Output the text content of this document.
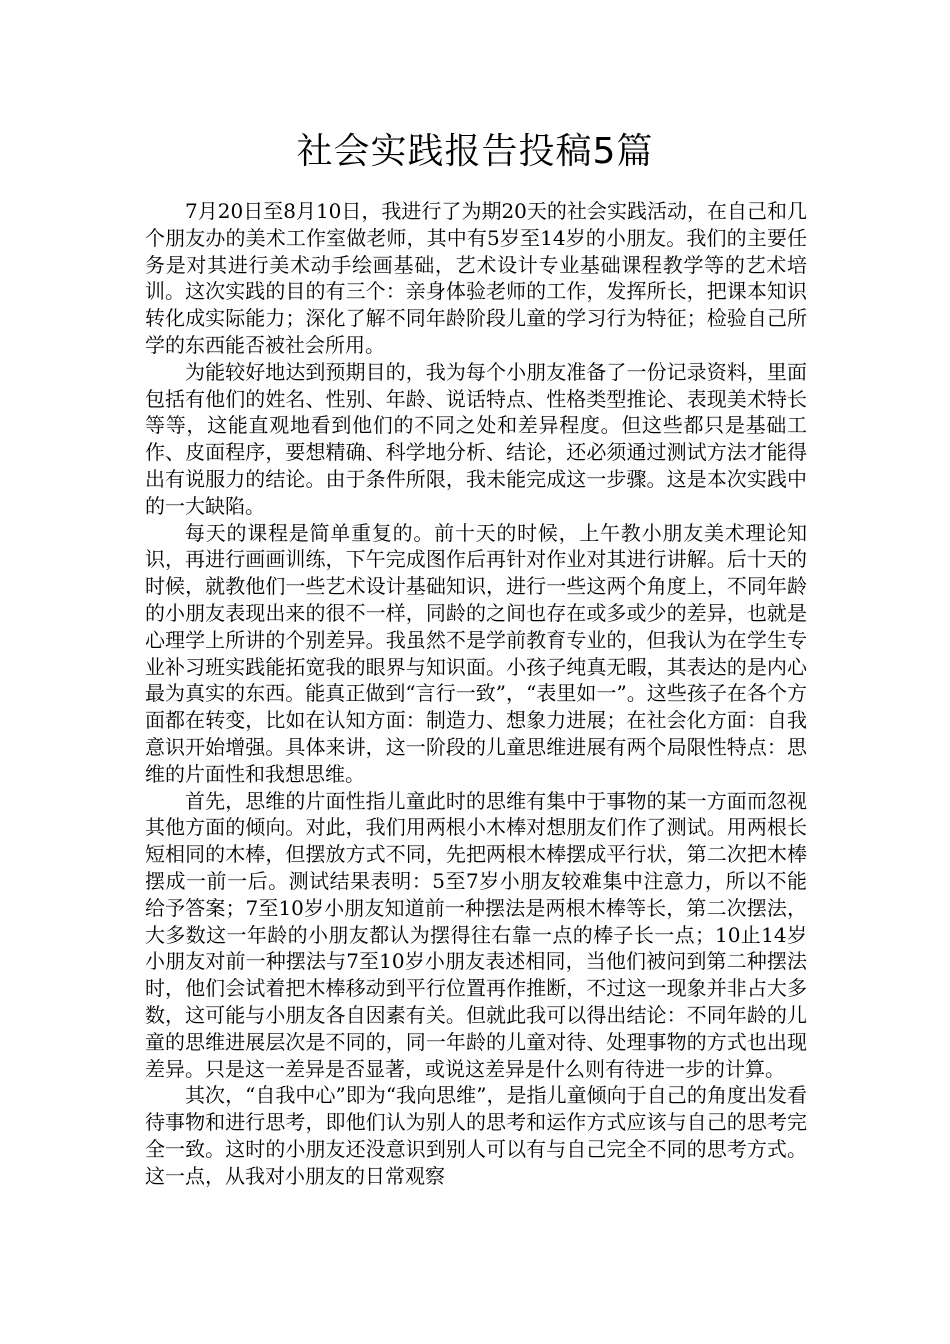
社会实践报告投稿5篇

7月20日至8月10日，我进行了为期20天的社会实践活动，在自己和几个朋友办的美术工作室做老师，其中有5岁至14岁的小朋友。我们的主要任务是对其进行美术动手绘画基础，艺术设计专业基础课程教学等的艺术培训。这次实践的目的有三个：亲身体验老师的工作，发挥所长，把课本知识转化成实际能力；深化了解不同年龄阶段儿童的学习行为特征；检验自己所学的东西能否被社会所用。

为能较好地达到预期目的，我为每个小朋友准备了一份记录资料，里面包括有他们的姓名、性别、年龄、说话特点、性格类型推论、表现美术特长等等，这能直观地看到他们的不同之处和差异程度。但这些都只是基础工作、皮面程序，要想精确、科学地分析、结论，还必须通过测试方法才能得出有说服力的结论。由于条件所限，我未能完成这一步骤。这是本次实践中的一大缺陷。

每天的课程是简单重复的。前十天的时候，上午教小朋友美术理论知识，再进行画画训练，下午完成图作后再针对作业对其进行讲解。后十天的时候，就教他们一些艺术设计基础知识，进行一些这两个角度上，不同年龄的小朋友表现出来的很不一样，同龄的之间也存在或多或少的差异，也就是心理学上所讲的个别差异。我虽然不是学前教育专业的，但我认为在学生专业补习班实践能拓宽我的眼界与知识面。小孩子纯真无暇，其表达的是内心最为真实的东西。能真正做到“言行一致”，“表里如一”。这些孩子在各个方面都在转变，比如在认知方面：制造力、想象力进展；在社会化方面：自我意识开始增强。具体来讲，这一阶段的儿童思维进展有两个局限性特点：思维的片面性和我想思维。

首先，思维的片面性指儿童此时的思维有集中于事物的某一方面而忽视其他方面的倾向。对此，我们用两根小木棒对想朋友们作了测试。用两根长短相同的木棒，但摆放方式不同，先把两根木棒摆成平行状，第二次把木棒摆成一前一后。测试结果表明：5至7岁小朋友较难集中注意力，所以不能给予答案；7至10岁小朋友知道前一种摆法是两根木棒等长，第二次摆法，大多数这一年龄的小朋友都认为摆得往右靠一点的棒子长一点；10止14岁小朋友对前一种摆法与7至10岁小朋友表述相同，当他们被问到第二种摆法时，他们会试着把木棒移动到平行位置再作推断，不过这一现象并非占大多数，这可能与小朋友各自因素有关。但就此我可以得出结论：不同年龄的儿童的思维进展层次是不同的，同一年龄的儿童对待、处理事物的方式也出现差异。只是这一差异是否显著，或说这差异是什么则有待进一步的计算。

其次，“自我中心”即为“我向思维”，是指儿童倾向于自己的角度出发看待事物和进行思考，即他们认为别人的思考和运作方式应该与自己的思考完全一致。这时的小朋友还没意识到别人可以有与自己完全不同的思考方式。这一点，从我对小朋友的日常观察
